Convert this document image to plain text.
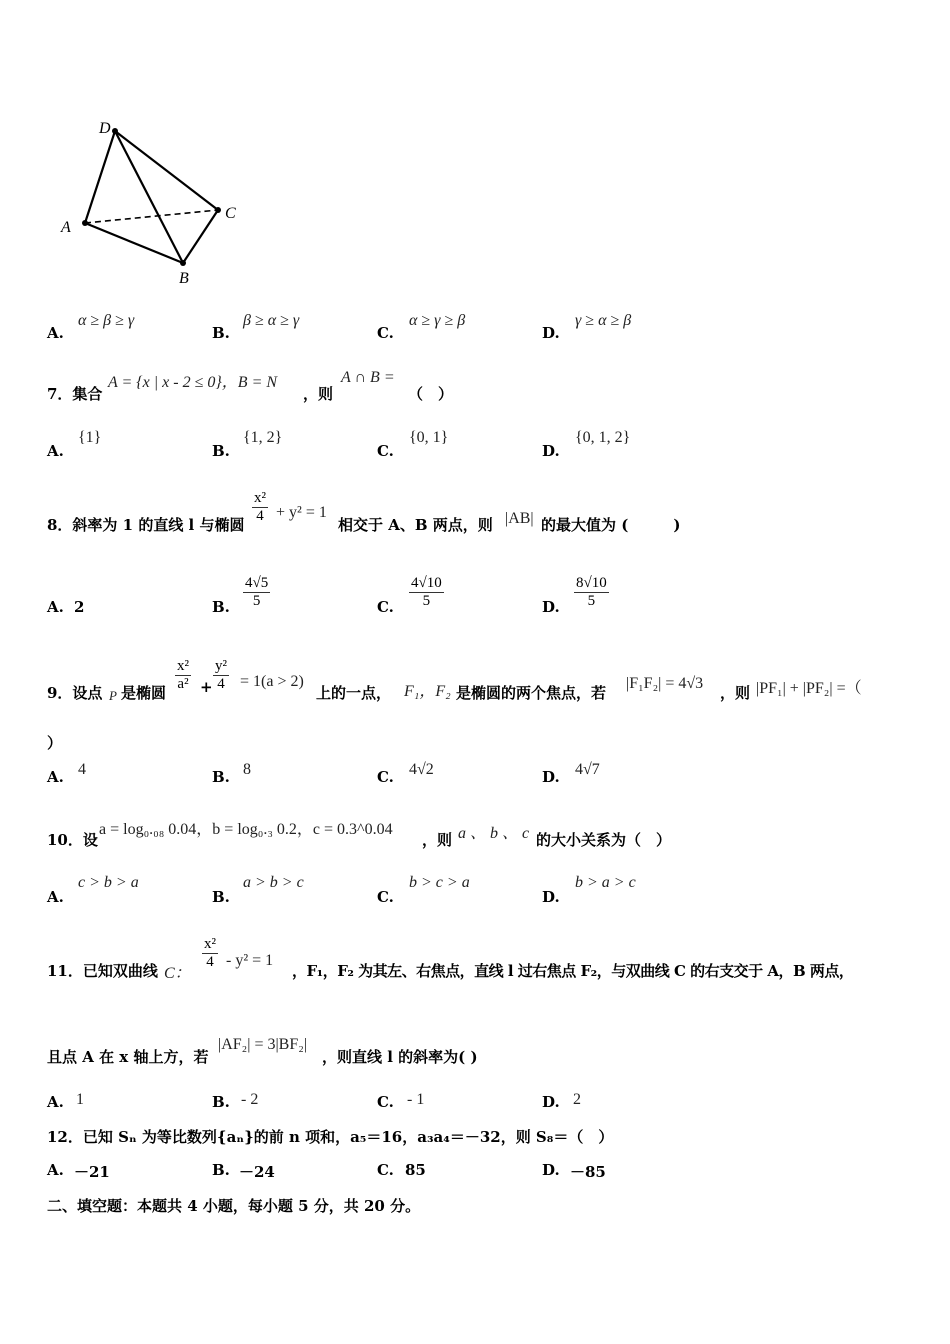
D
A
B
C
A.
α ≥ β ≥ γ
B.
β ≥ α ≥ γ
C.
α ≥ γ ≥ β
D.
γ ≥ α ≥ β
7．集合
A = {x | x - 2 ≤ 0}，B = N
，则
A ∩ B =
（　）
A.
{1}
B.
{1, 2}
C.
{0, 1}
D.
{0, 1, 2}
8．斜率为 1 的直线 l 与椭圆
$\frac{\text{x²}}{4} + y^2 = 1$
相交于 A、B 两点，则 |AB| 的最大值为 (　　　)
A. 2	B. $\frac{4√5}{5}$	C. $\frac{4√10}{5}$	D. $\frac{8√10}{5}$
9．设点 P 是椭圆
$\frac{\text{x²}}{\text{a²}} + \frac{\text{y²}}{4} = 1(a > 2)$
上的一点， F₁，F₂ 是椭圆的两个焦点，若
|F₁F₂| = 4√3
，则 |PF₁| + |PF₂| =（
）
A. 4	B. 8	C. 4√2	D. 4√7
10．设
a = log₀.₀₈ 0.04，b = log₀.₃ 0.2，c = 0.3^0.04
，则 a 、 b 、 c 的大小关系为（　）
A.
c > b > a
B.
a > b > c
C.
b > c > a
D.
b > a > c
11．已知双曲线 C：
$\frac{\text{x²}}{4} - y^2 = 1$
，F₁，F₂ 为其左、右焦点，直线 l 过右焦点 F₂，与双曲线 C 的右支交于 A，B 两点，
且点 A 在 x 轴上方，若
|AF₂| = 3|BF₂|
，则直线 l 的斜率为( )
A. 1	B. - 2	C. - 1	D. 2
12．已知 Sₙ 为等比数列{aₙ}的前 n 项和，a₅＝16，a₃a₄＝－32，则 S₈＝（　）
A. －21	B. －24	C. 85	D. －85
二、填空题：本题共 4 小题，每小题 5 分，共 20 分。
